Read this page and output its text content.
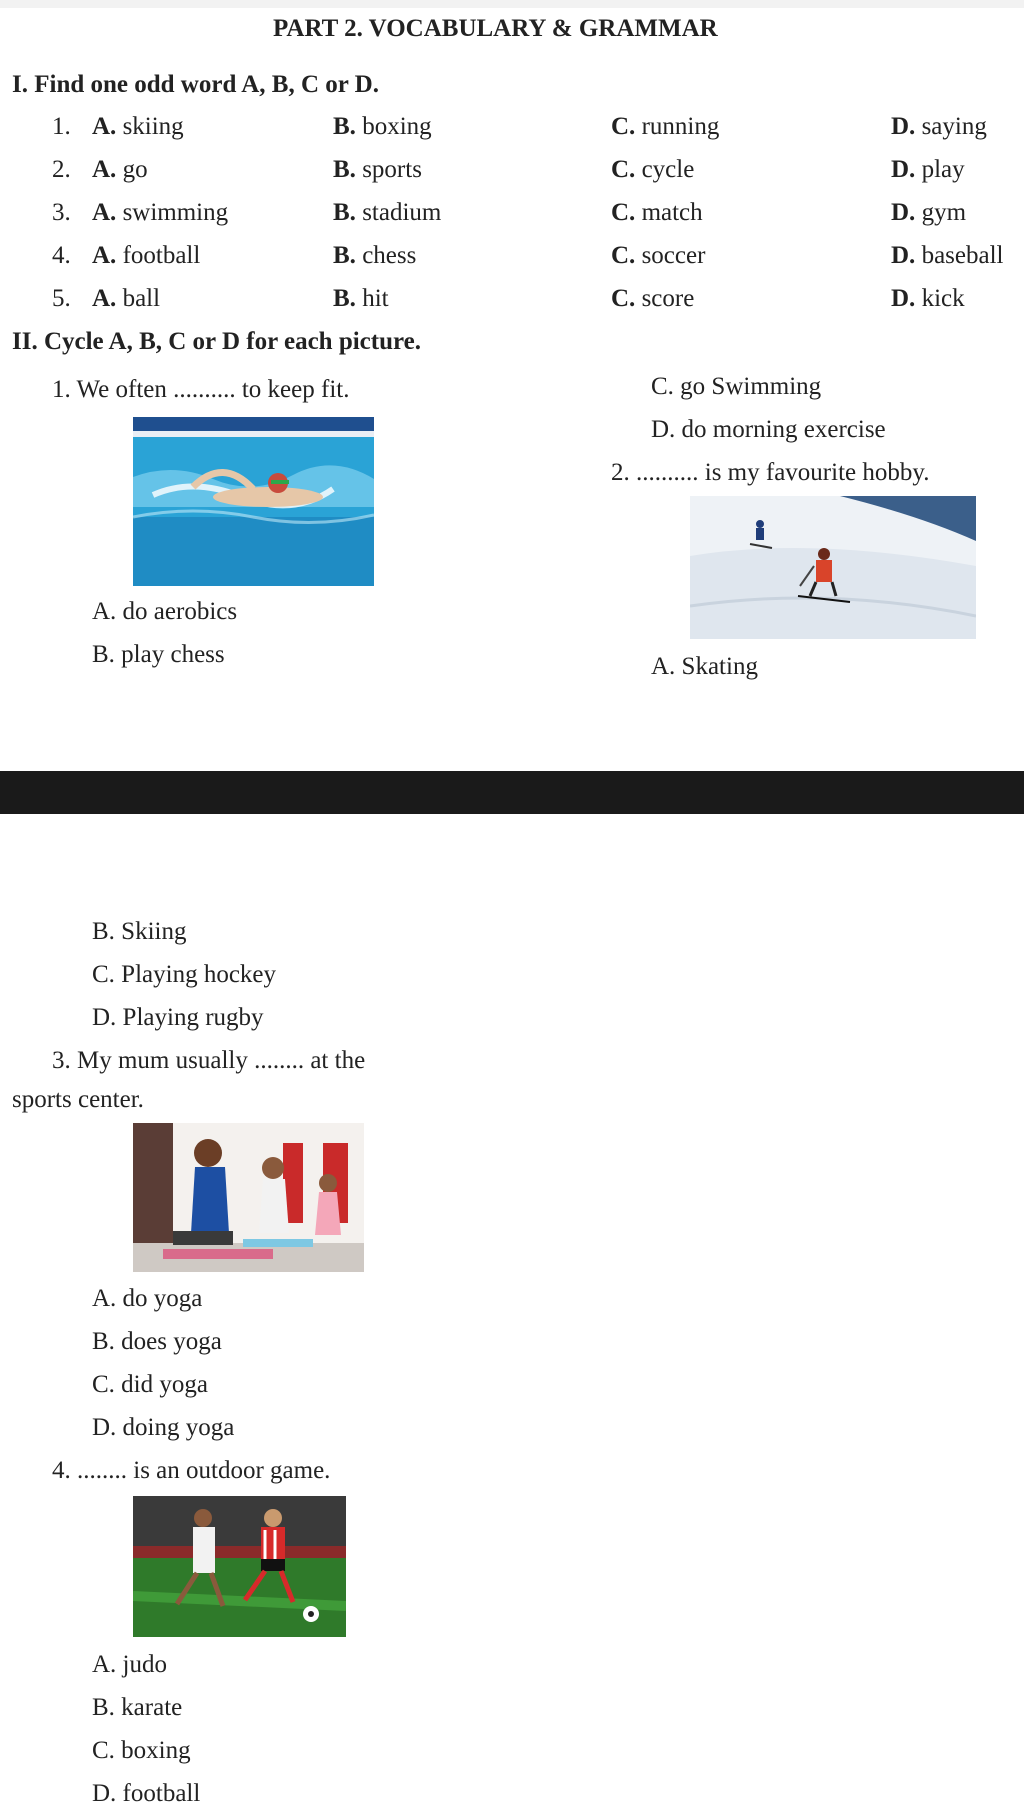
PART 2. VOCABULARY & GRAMMAR
I. Find one odd word A, B, C or D.
1. A. skiing	B. boxing	C. running	D. saying
2. A. go	B. sports	C. cycle	D. play
3. A. swimming	B. stadium	C. match	D. gym
4. A. football	B. chess	C. soccer	D. baseball
5. A. ball	B. hit	C. score	D. kick
II. Cycle A, B, C or D for each picture.
1. We often .......... to keep fit.
A. do aerobics
B. play chess
C. go Swimming
D. do morning exercise
2. .......... is my favourite hobby.
A. Skating
B. Skiing
C. Playing hockey
D. Playing rugby
3. My mum usually ........ at the
sports center.
A. do yoga
B. does yoga
C. did yoga
D. doing yoga
4. ........ is an outdoor game.
A. judo
B. karate
C. boxing
D. football
